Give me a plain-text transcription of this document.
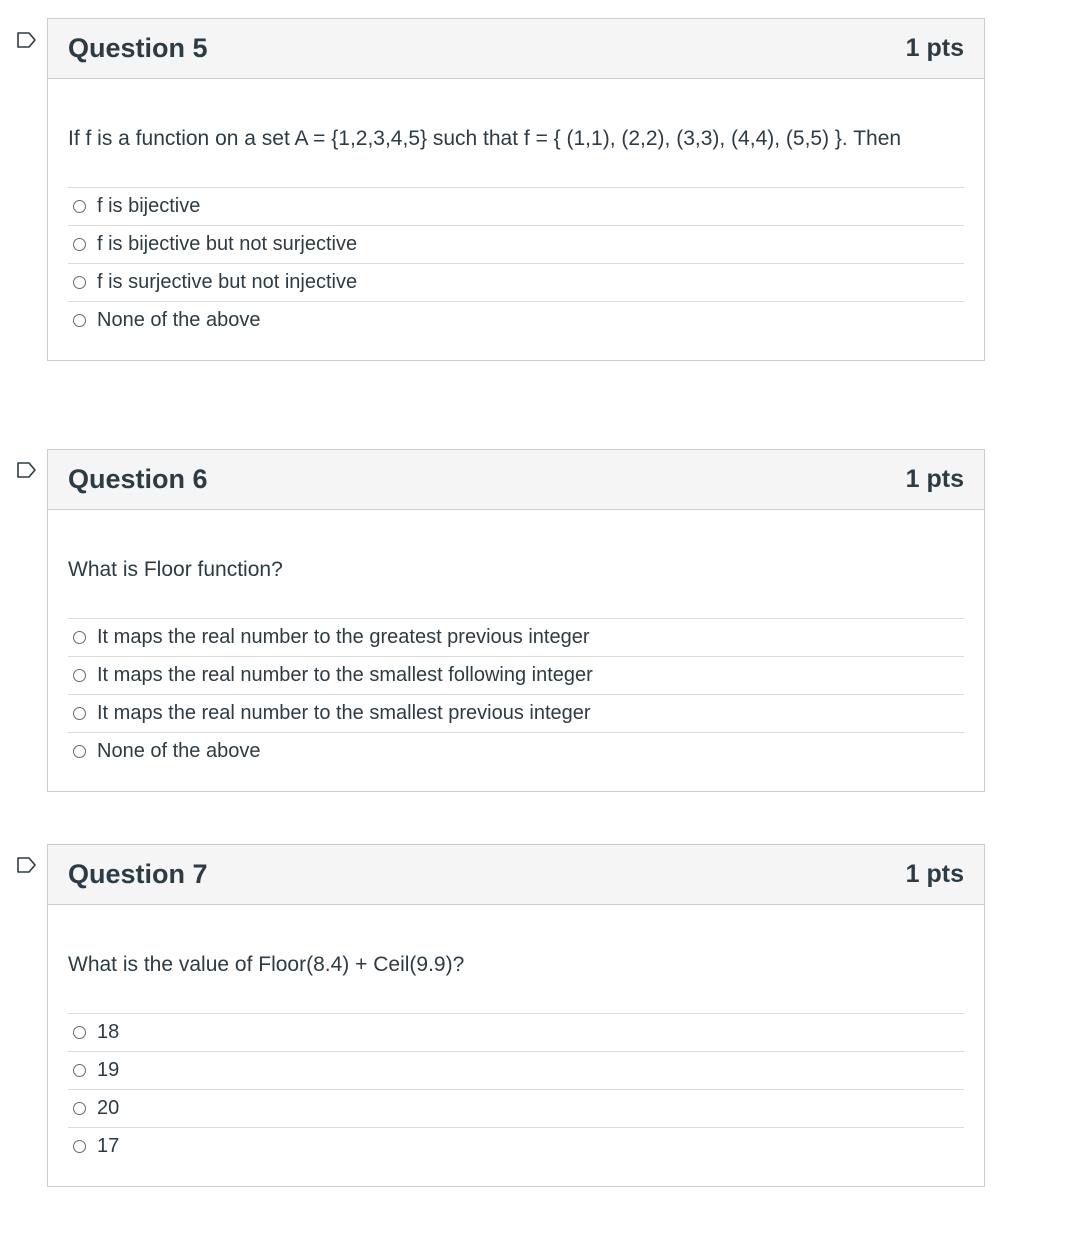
Question 5	1 pts
If f is a function on a set A = {1,2,3,4,5} such that f = { (1,1), (2,2), (3,3), (4,4), (5,5) }. Then
f is bijective
f is bijective but not surjective
f is surjective but not injective
None of the above
Question 6	1 pts
What is Floor function?
It maps the real number to the greatest previous integer
It maps the real number to the smallest following integer
It maps the real number to the smallest previous integer
None of the above
Question 7	1 pts
What is the value of Floor(8.4) + Ceil(9.9)?
18
19
20
17
